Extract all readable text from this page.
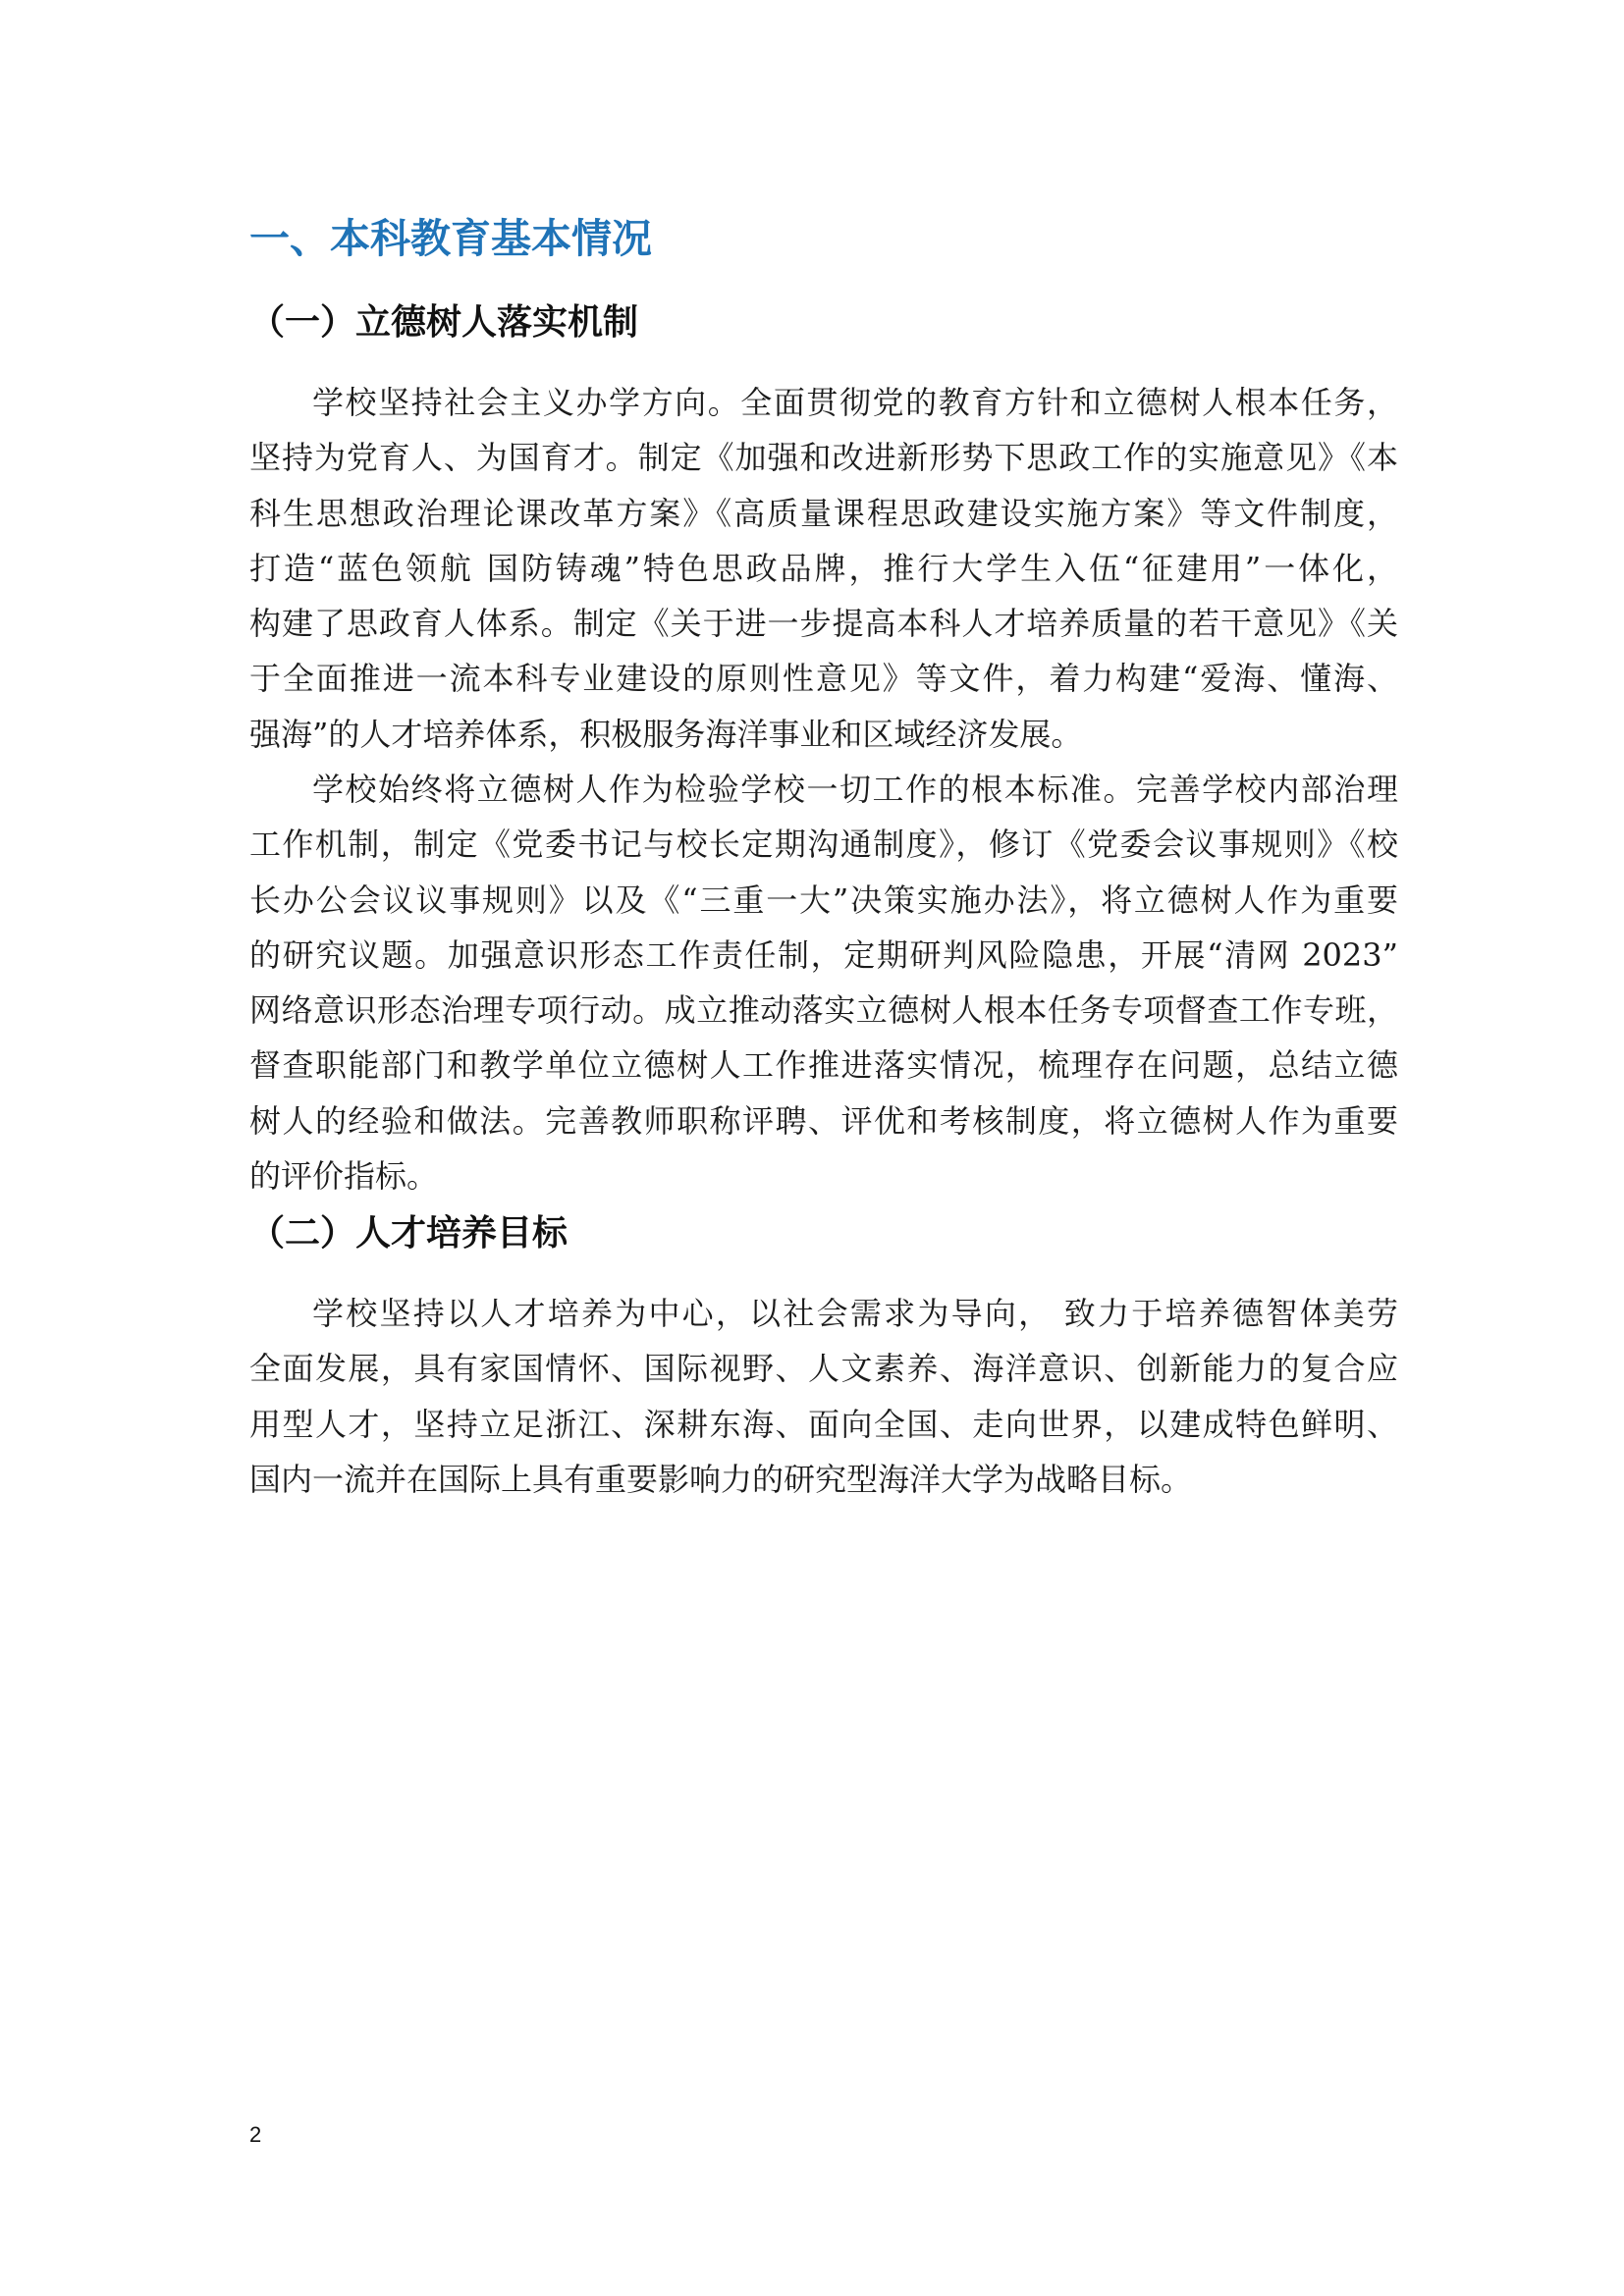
一、本科教育基本情况
（一）立德树人落实机制
学校坚持社会主义办学方向。全面贯彻党的教育方针和立德树人根本任务，
坚持为党育人、为国育才。制定《加强和改进新形势下思政工作的实施意见》《本
科生思想政治理论课改革方案》《高质量课程思政建设实施方案》等文件制度，
打造“蓝色领航 国防铸魂”特色思政品牌，推行大学生入伍“征建用”一体化，
构建了思政育人体系。制定《关于进一步提高本科人才培养质量的若干意见》《关
于全面推进一流本科专业建设的原则性意见》等文件，着力构建“爱海、懂海、
强海”的人才培养体系，积极服务海洋事业和区域经济发展。
学校始终将立德树人作为检验学校一切工作的根本标准。完善学校内部治理
工作机制，制定《党委书记与校长定期沟通制度》，修订《党委会议事规则》《校
长办公会议议事规则》以及《“三重一大”决策实施办法》，将立德树人作为重要
的研究议题。加强意识形态工作责任制，定期研判风险隐患，开展“清网 2023”
网络意识形态治理专项行动。成立推动落实立德树人根本任务专项督查工作专班，
督查职能部门和教学单位立德树人工作推进落实情况，梳理存在问题，总结立德
树人的经验和做法。完善教师职称评聘、评优和考核制度，将立德树人作为重要
的评价指标。
（二）人才培养目标
学校坚持以人才培养为中心，以社会需求为导向， 致力于培养德智体美劳
全面发展，具有家国情怀、国际视野、人文素养、海洋意识、创新能力的复合应
用型人才，坚持立足浙江、深耕东海、面向全国、走向世界，以建成特色鲜明、
国内一流并在国际上具有重要影响力的研究型海洋大学为战略目标。
2
